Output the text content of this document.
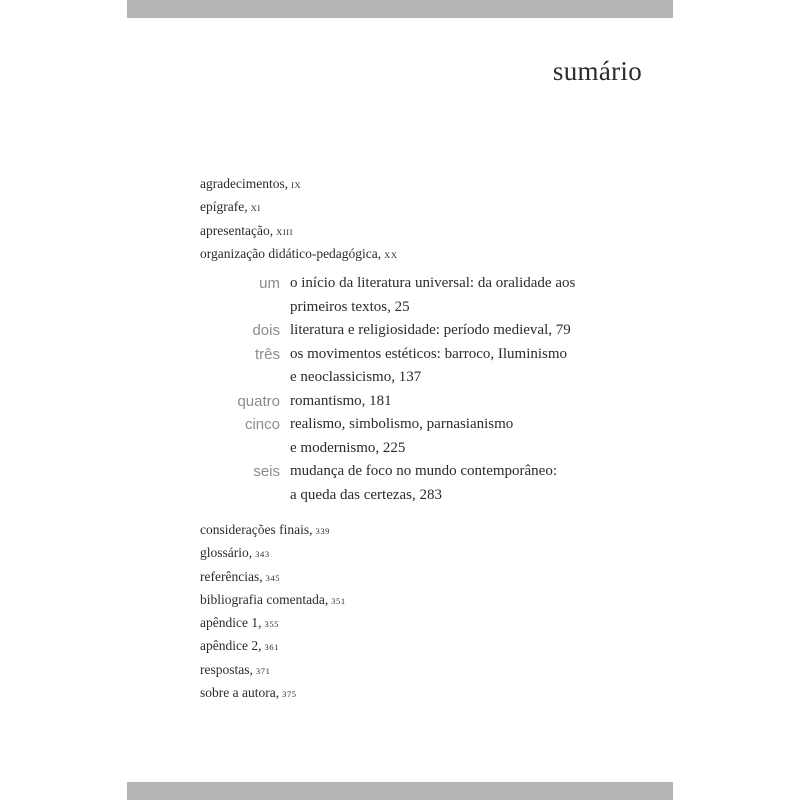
sumário
agradecimentos, IX
epígrafe, XI
apresentação, XIII
organização didático-pedagógica, XX
um o início da literatura universal: da oralidade aos
primeiros textos, 25
dois literatura e religiosidade: período medieval, 79
três os movimentos estéticos: barroco, Iluminismo
e neoclassicismo, 137
quatro romantismo, 181
cinco realismo, simbolismo, parnasianismo
e modernismo, 225
seis mudança de foco no mundo contemporâneo:
a queda das certezas, 283
considerações finais, 339
glossário, 343
referências, 345
bibliografia comentada, 351
apêndice 1, 355
apêndice 2, 361
respostas, 371
sobre a autora, 375
